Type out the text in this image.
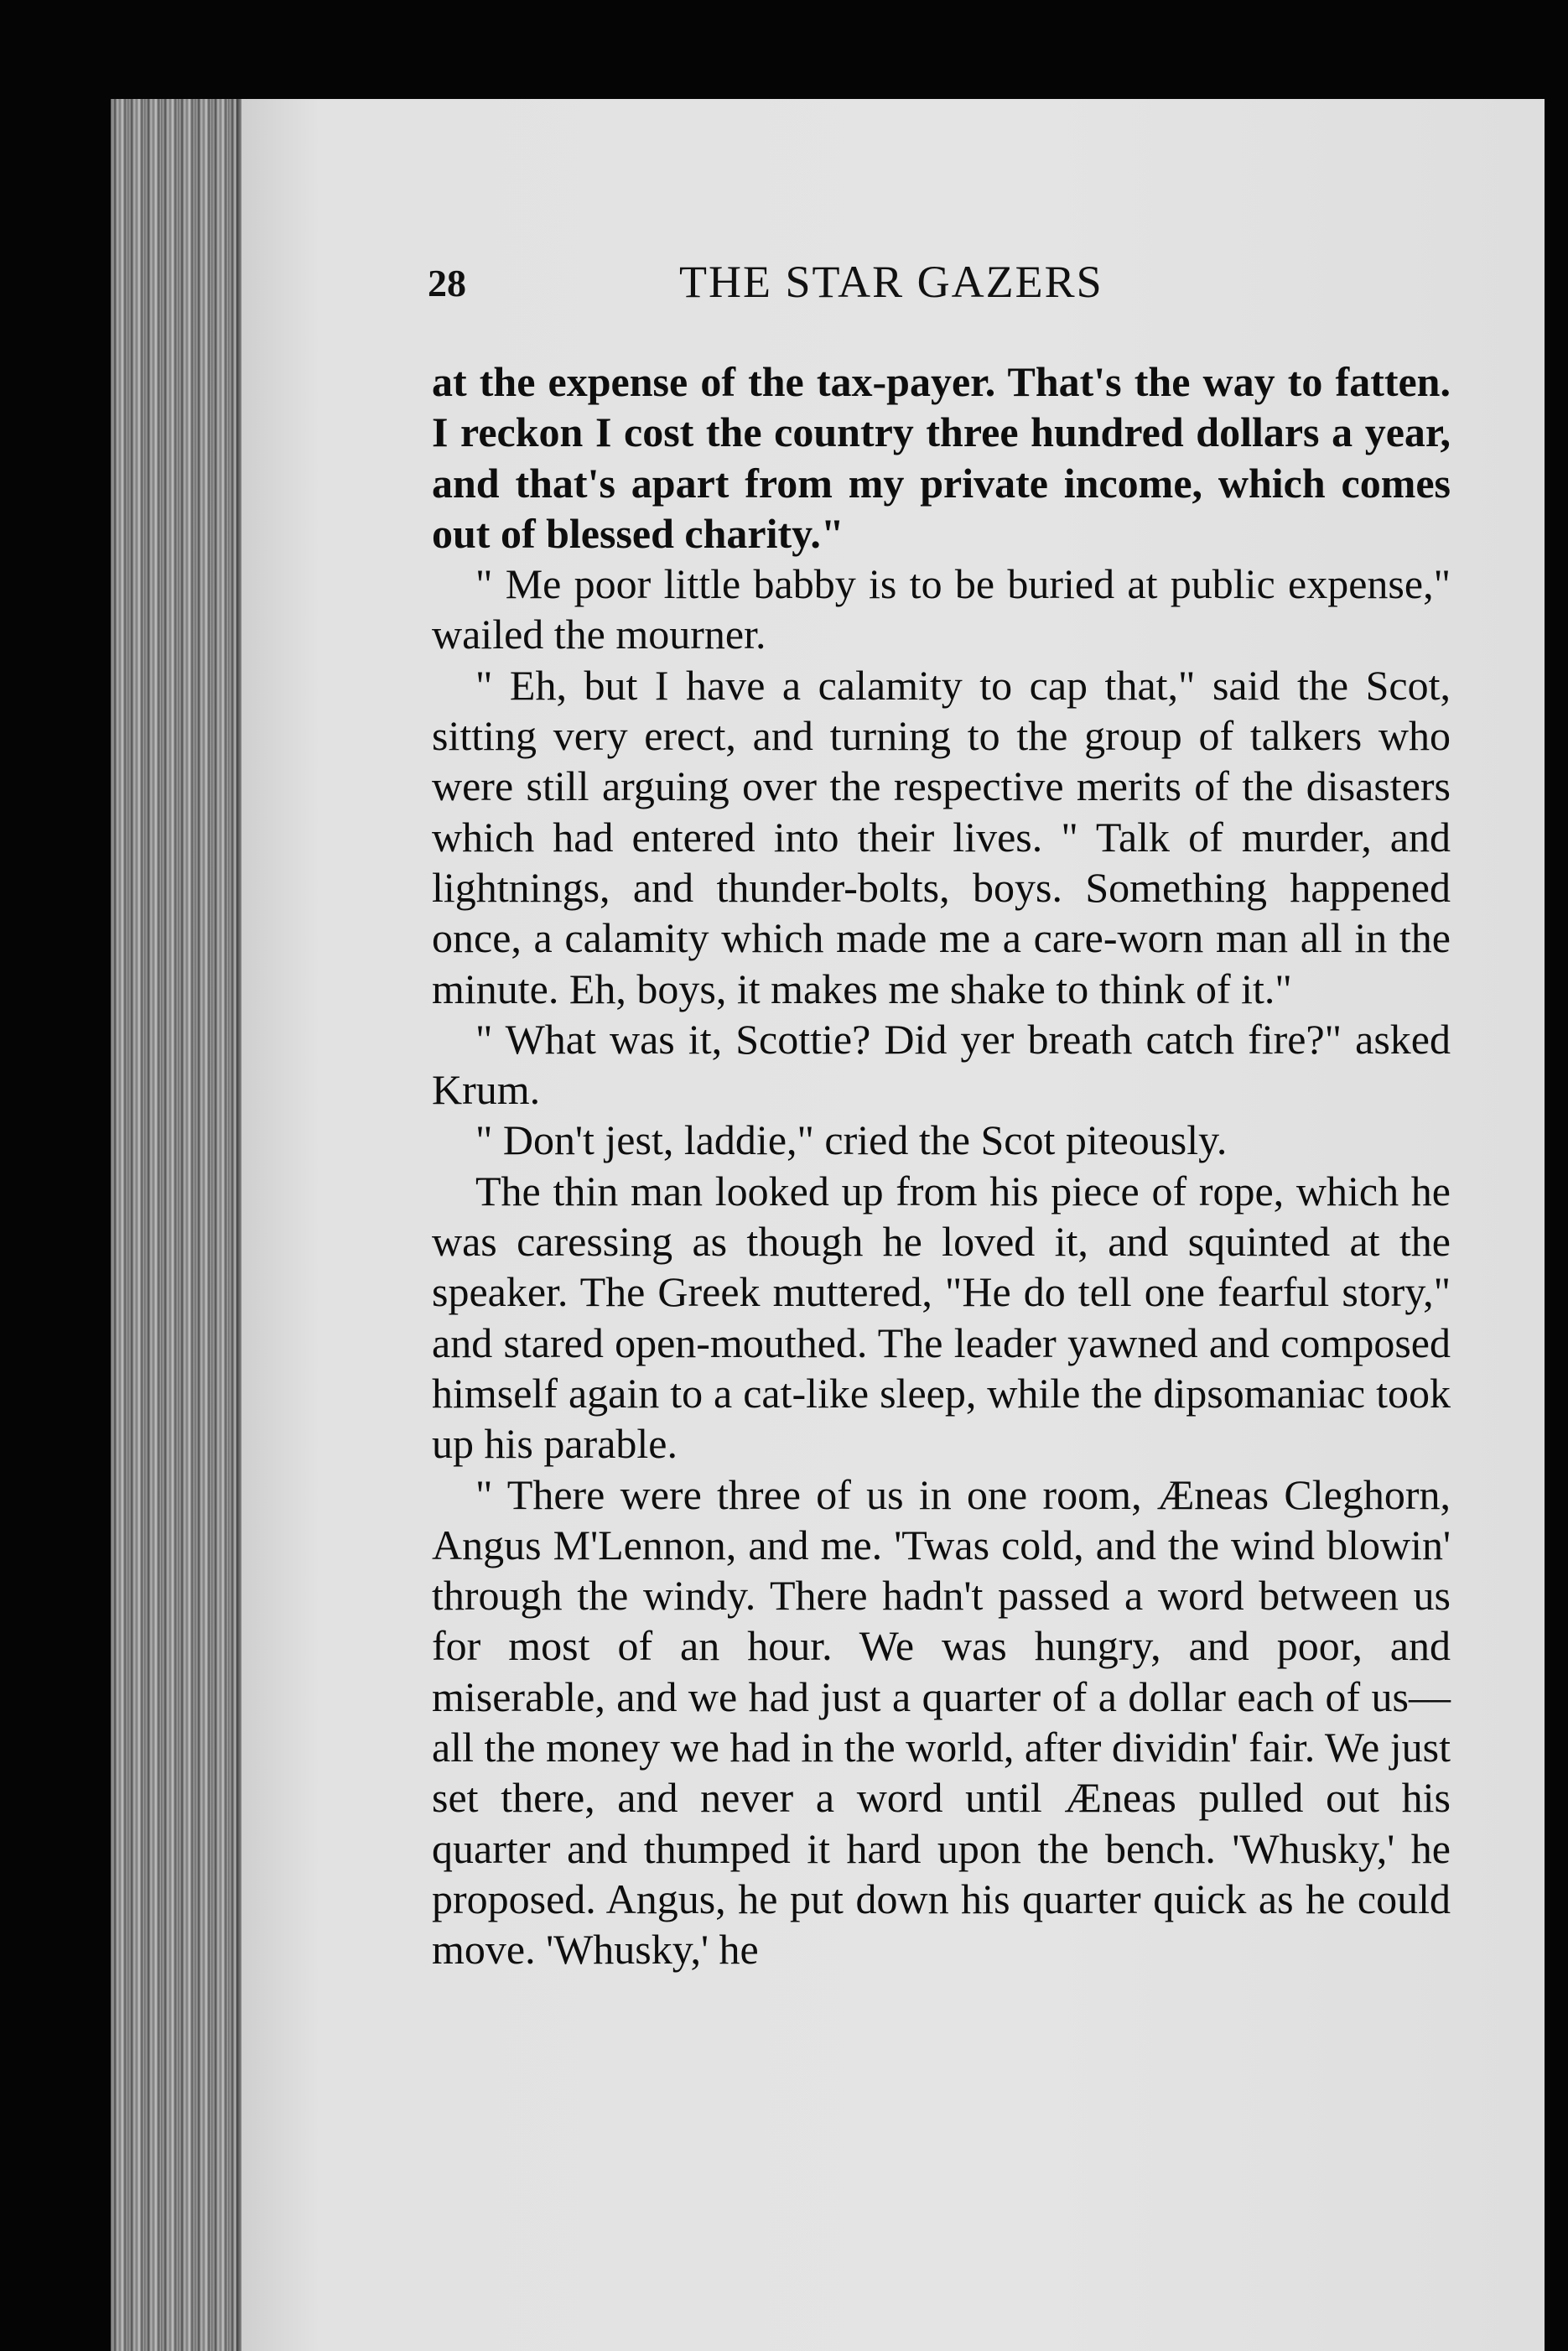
28	THE STAR GAZERS

at the expense of the tax-payer. That's the way to fatten. I reckon I cost the country three hundred dollars a year, and that's apart from my private income, which comes out of blessed charity."

" Me poor little babby is to be buried at public expense," wailed the mourner.

" Eh, but I have a calamity to cap that," said the Scot, sitting very erect, and turning to the group of talkers who were still arguing over the respective merits of the disasters which had entered into their lives. " Talk of murder, and lightnings, and thunder-bolts, boys. Something happened once, a calamity which made me a care-worn man all in the minute. Eh, boys, it makes me shake to think of it."

" What was it, Scottie? Did yer breath catch fire?" asked Krum.

" Don't jest, laddie," cried the Scot piteously.

The thin man looked up from his piece of rope, which he was caressing as though he loved it, and squinted at the speaker. The Greek muttered, "He do tell one fearful story," and stared open-mouthed. The leader yawned and composed himself again to a cat-like sleep, while the dipsomaniac took up his parable.

" There were three of us in one room, Æneas Cleghorn, Angus M'Lennon, and me. 'Twas cold, and the wind blowin' through the windy. There hadn't passed a word between us for most of an hour. We was hungry, and poor, and miserable, and we had just a quarter of a dollar each of us—all the money we had in the world, after dividin' fair. We just set there, and never a word until Æneas pulled out his quarter and thumped it hard upon the bench. 'Whusky,' he proposed. Angus, he put down his quarter quick as he could move. 'Whusky,' he
